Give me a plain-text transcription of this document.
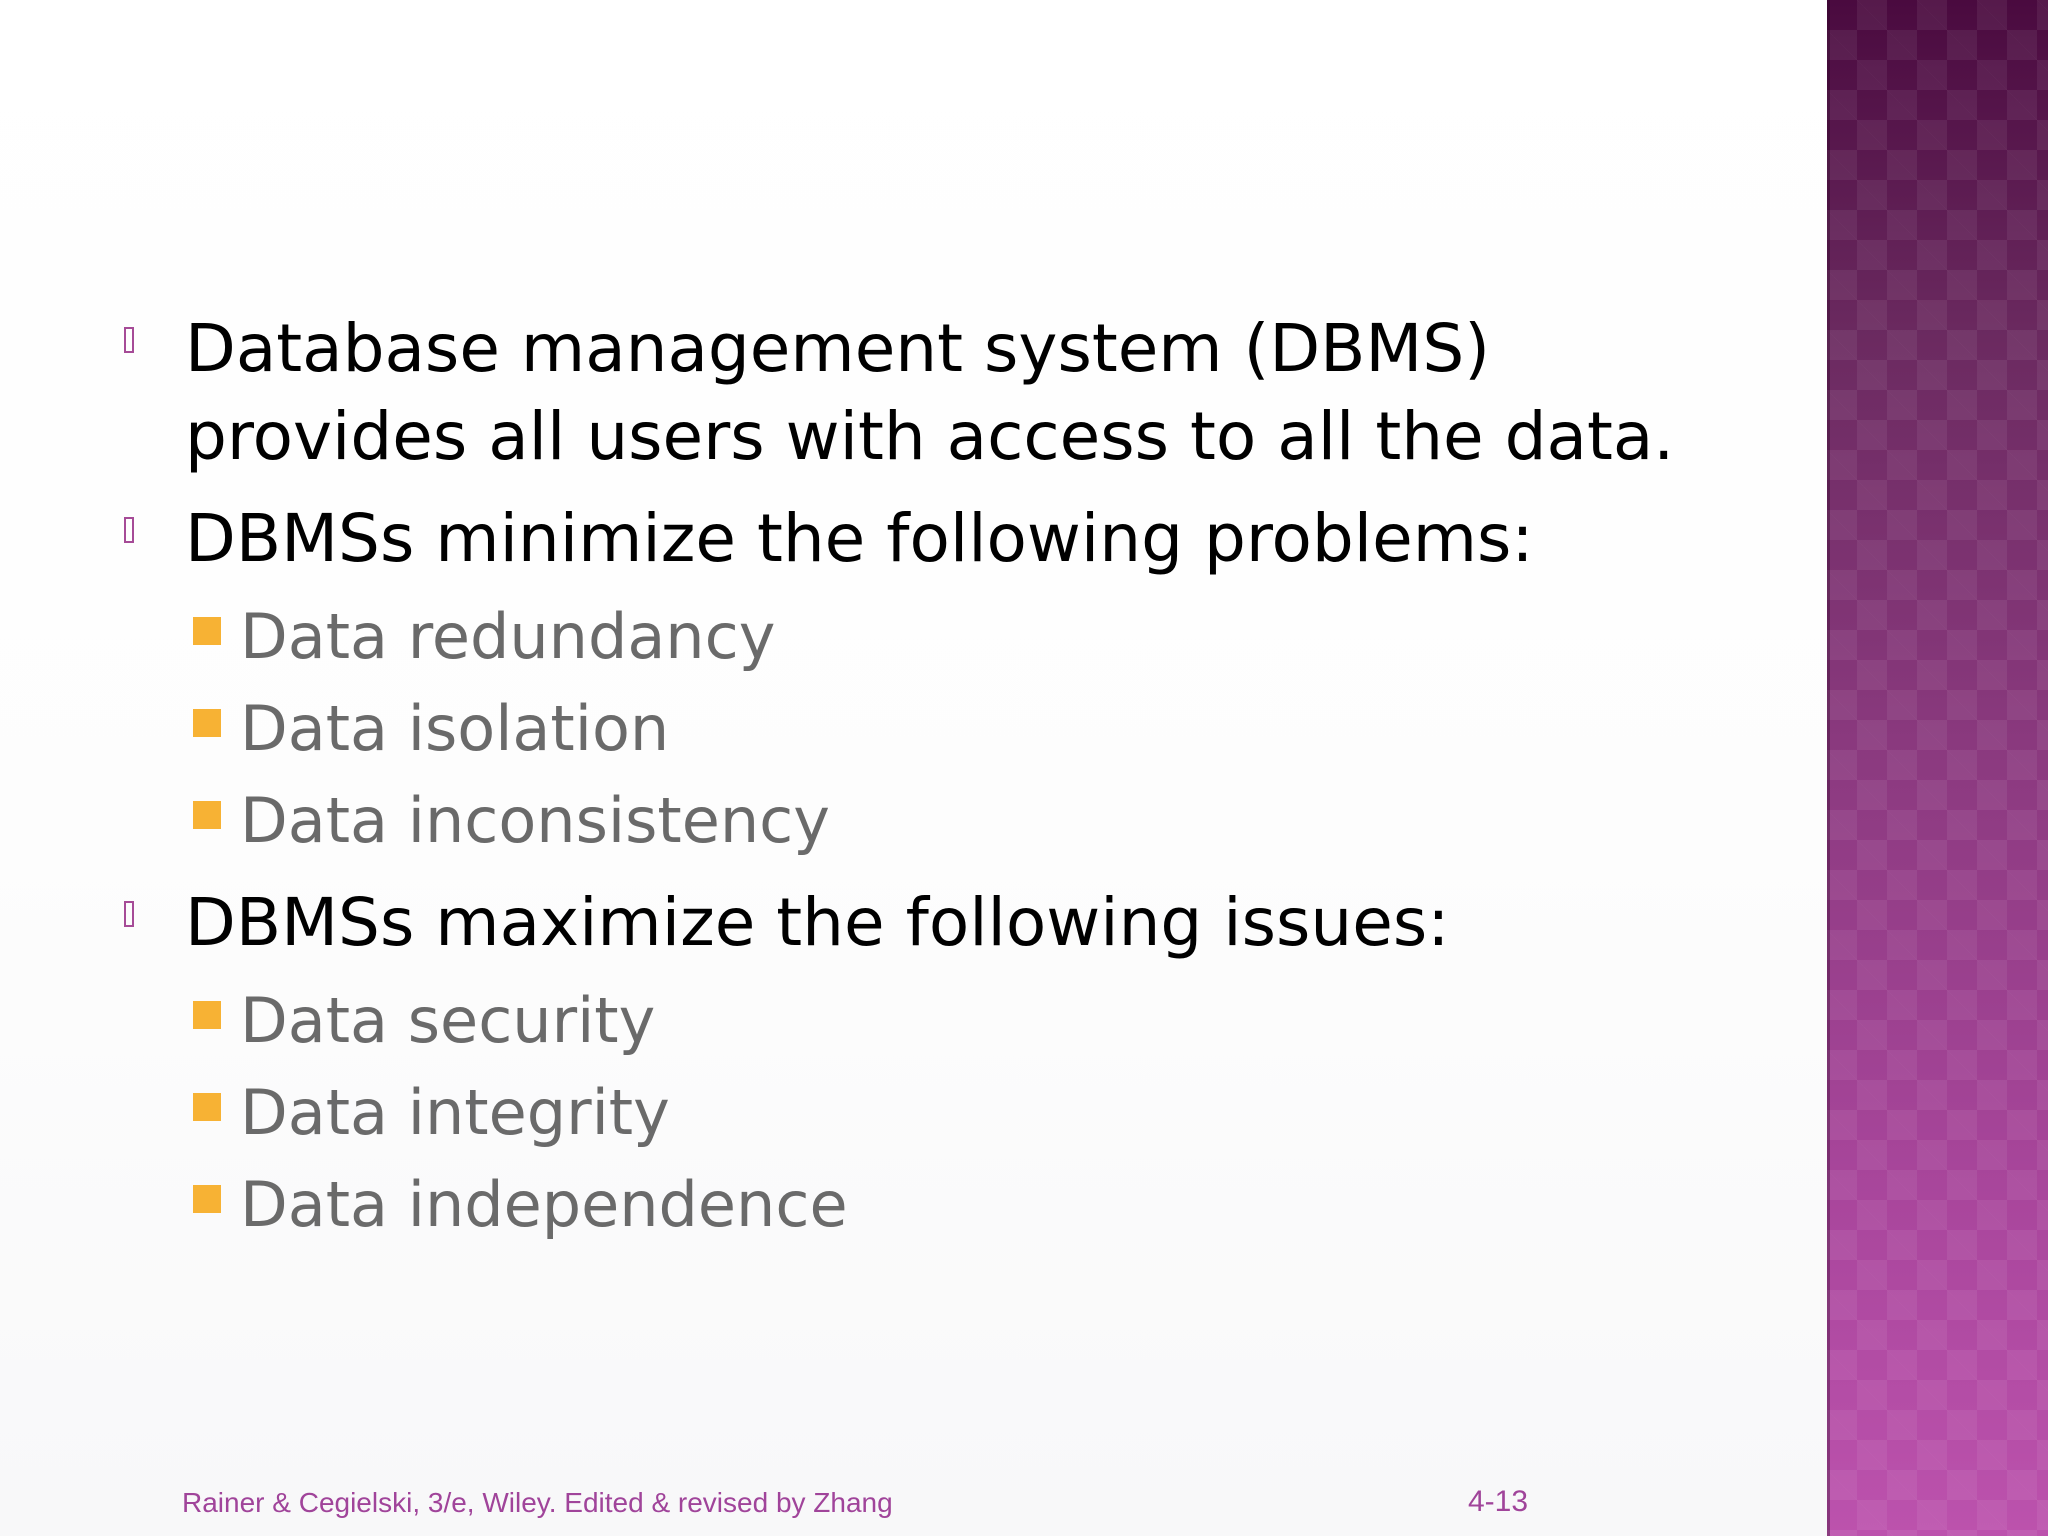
Database management system (DBMS) provides all users with access to all the data.
DBMSs minimize the following problems:
Data redundancy
Data isolation
Data inconsistency
DBMSs maximize the following issues:
Data security
Data integrity
Data independence
Rainer & Cegielski, 3/e, Wiley. Edited & revised by Zhang	4-13
